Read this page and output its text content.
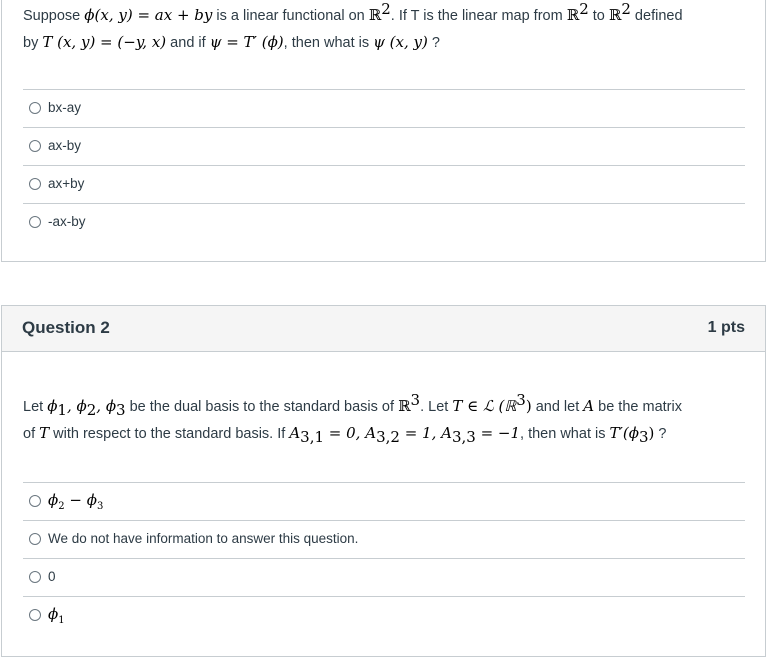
Suppose ϕ(x, y) = ax + by is a linear functional on ℝ$^2$. If T is the linear map from ℝ$^2$ to ℝ$^2$ defined
by T (x, y) = (−y, x) and if ψ = T′ (ϕ), then what is ψ (x, y) ?
bx-ay
ax-by
ax+by
-ax-by
Question 2	1 pts
Let $\phi_1$, $\phi_2$, $\phi_3$ be the dual basis to the standard basis of ℝ$^3$. Let T ∈ ℒ (ℝ$^3$) and let A be the matrix
of T with respect to the standard basis. If $A_{3,1} = 0$, $A_{3,2} = 1$, $A_{3,3} = -1$, then what is $T'(\phi_3)$ ?
$\phi_2 - \phi_3$
We do not have information to answer this question.
0
$\phi_1$
